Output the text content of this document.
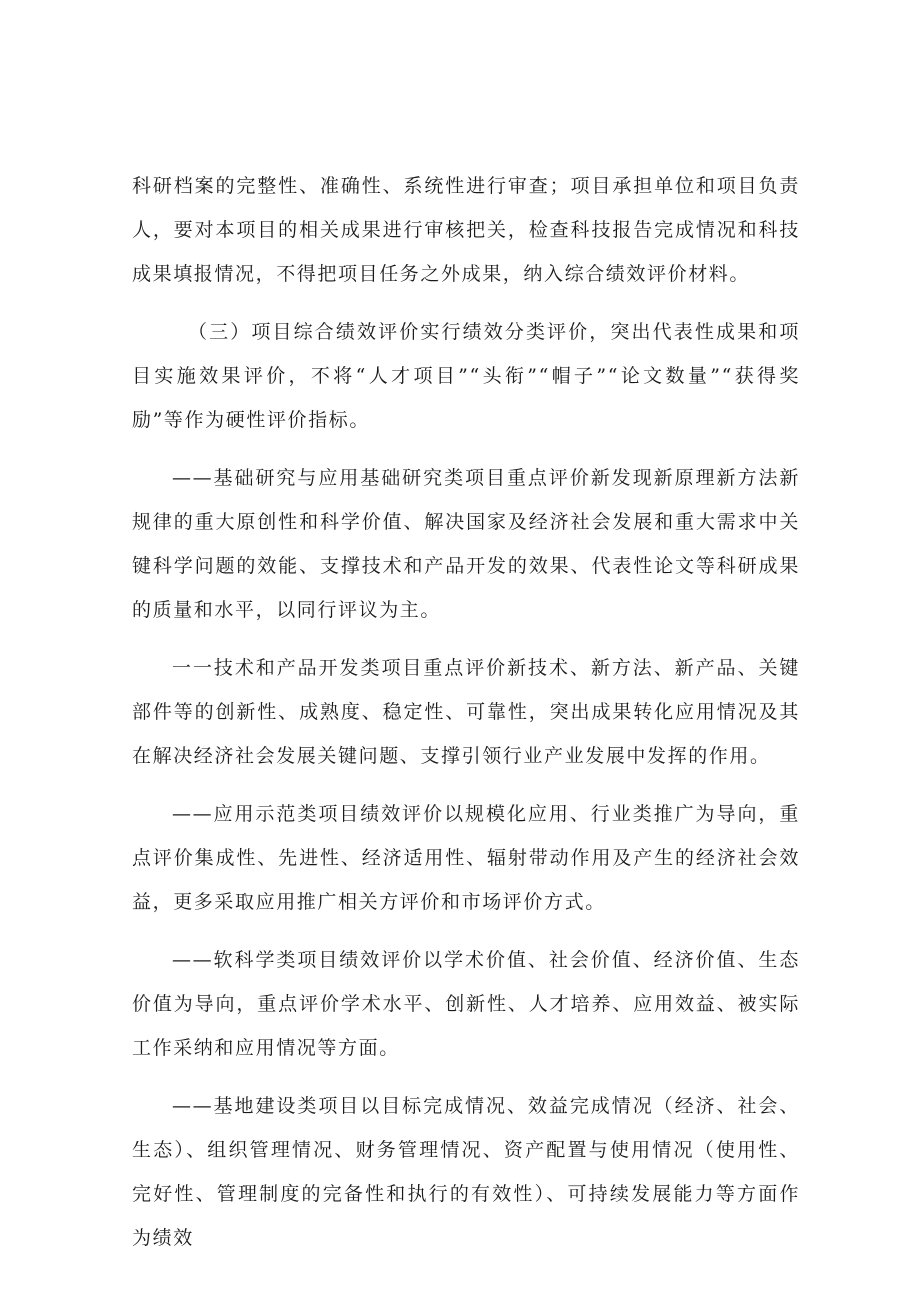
科研档案的完整性、准确性、系统性进行审查；项目承担单位和项目负责人，要对本项目的相关成果进行审核把关，检查科技报告完成情况和科技成果填报情况，不得把项目任务之外成果，纳入综合绩效评价材料。

（三）项目综合绩效评价实行绩效分类评价，突出代表性成果和项目实施效果评价，不将“人才项目”“头衔”“帽子”“论文数量”“获得奖励”等作为硬性评价指标。

——基础研究与应用基础研究类项目重点评价新发现新原理新方法新规律的重大原创性和科学价值、解决国家及经济社会发展和重大需求中关键科学问题的效能、支撑技术和产品开发的效果、代表性论文等科研成果的质量和水平，以同行评议为主。

一一技术和产品开发类项目重点评价新技术、新方法、新产品、关键部件等的创新性、成熟度、稳定性、可靠性，突出成果转化应用情况及其在解决经济社会发展关键问题、支撑引领行业产业发展中发挥的作用。

——应用示范类项目绩效评价以规模化应用、行业类推广为导向，重点评价集成性、先进性、经济适用性、辐射带动作用及产生的经济社会效益，更多采取应用推广相关方评价和市场评价方式。

——软科学类项目绩效评价以学术价值、社会价值、经济价值、生态价值为导向，重点评价学术水平、创新性、人才培养、应用效益、被实际工作采纳和应用情况等方面。

——基地建设类项目以目标完成情况、效益完成情况（经济、社会、生态）、组织管理情况、财务管理情况、资产配置与使用情况（使用性、完好性、管理制度的完备性和执行的有效性）、可持续发展能力等方面作为绩效
